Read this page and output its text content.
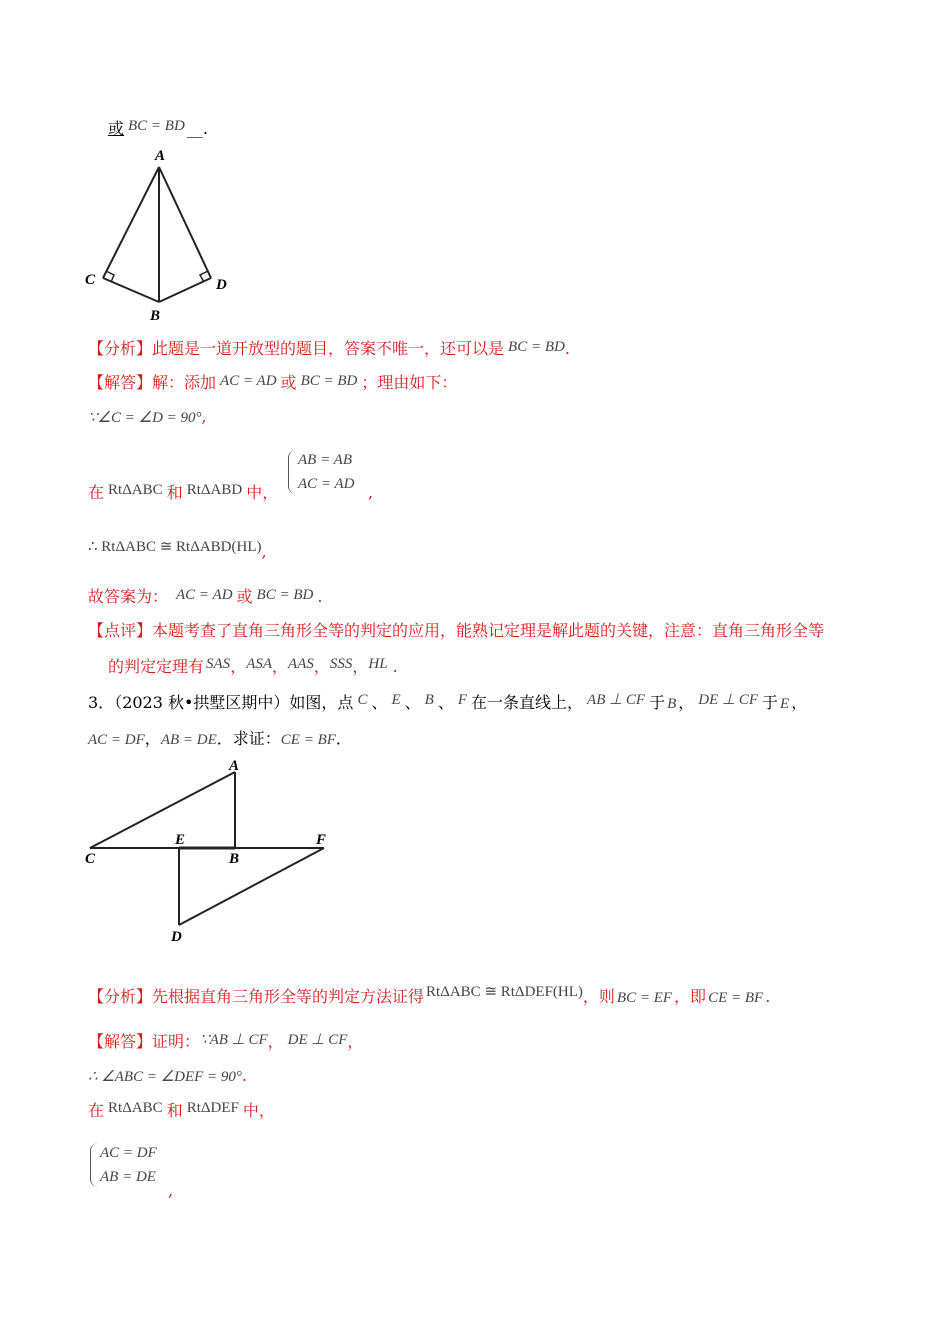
或 BC = BD __.
A
C	D
B
【分析】此题是一道开放型的题目，答案不唯一，还可以是 BC = BD.
【解答】解：添加 AC = AD 或 BC = BD ；理由如下：
∵∠C = ∠D = 90°,
在 RtΔABC 和 RtΔABD 中，
AB = AB
AC = AD ,
∴ RtΔABC ≅ RtΔABD(HL),
故答案为： AC = AD 或 BC = BD .
【点评】本题考查了直角三角形全等的判定的应用，能熟记定理是解此题的关键，注意：直角三角形全等
的判定定理有 SAS，ASA，AAS，SSS，HL .
3．（2023 秋•拱墅区期中）如图，点 C 、 E 、 B 、 F 在一条直线上， AB ⊥ CF 于 B ， DE ⊥ CF 于 E ，
AC = DF，AB = DE．求证：CE = BF．
A
C
E
B
F
D
【分析】先根据直角三角形全等的判定方法证得 RtΔABC ≅ RtΔDEF(HL)，则 BC = EF ，即 CE = BF .
【解答】证明：∵AB ⊥ CF， DE ⊥ CF，
∴ ∠ABC = ∠DEF = 90°.
在 RtΔABC 和 RtΔDEF 中，
AC = DF
AB = DE
,
